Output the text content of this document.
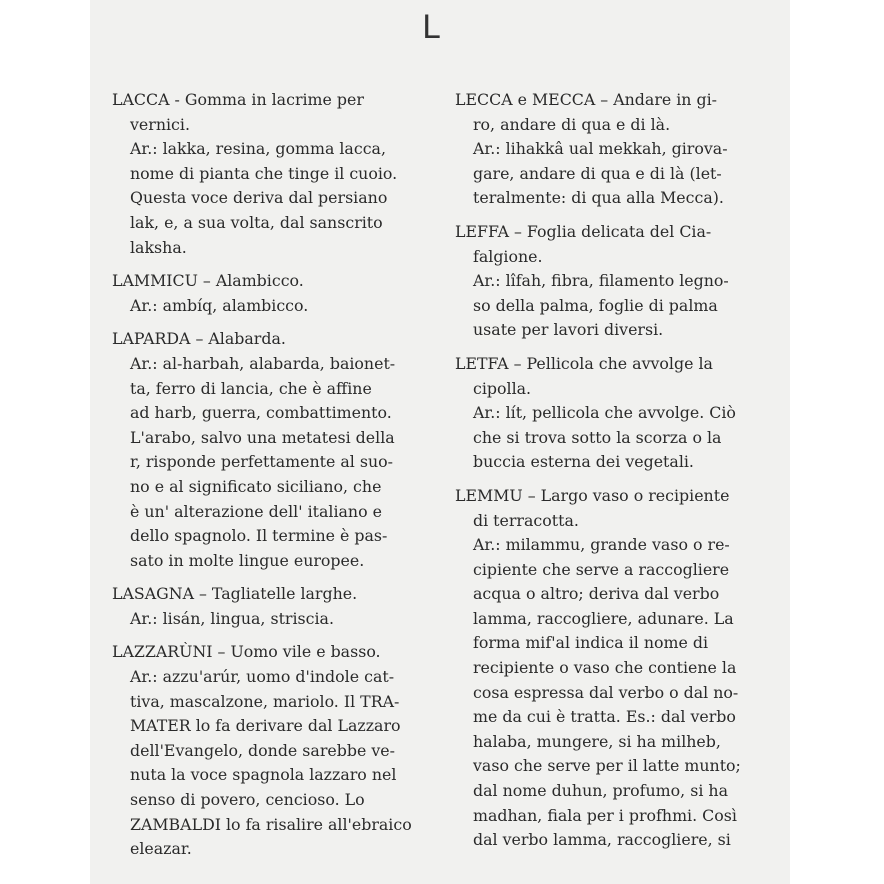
L
LACCA - Gomma in lacrime per
vernici.
Ar.: lakka, resina, gomma lacca,
nome di pianta che tinge il cuoio.
Questa voce deriva dal persiano
lak, e, a sua volta, dal sanscrito
laksha.
LAMMICU – Alambicco.
Ar.: ambíq, alambicco.
LAPARDA – Alabarda.
Ar.: al-harbah, alabarda, baionet-
ta, ferro di lancia, che è affine
ad harb, guerra, combattimento.
L'arabo, salvo una metatesi della
r, risponde perfettamente al suo-
no e al significato siciliano, che
è un' alterazione dell' italiano e
dello spagnolo. Il termine è pas-
sato in molte lingue europee.
LASAGNA – Tagliatelle larghe.
Ar.: lisán, lingua, striscia.
LAZZARÙNI – Uomo vile e basso.
Ar.: azzu'arúr, uomo d'indole cat-
tiva, mascalzone, mariolo. Il TRA-
MATER lo fa derivare dal Lazzaro
dell'Evangelo, donde sarebbe ve-
nuta la voce spagnola lazzaro nel
senso di povero, cencioso. Lo
ZAMBALDI lo fa risalire all'ebraico
eleazar.
LECCA e MECCA – Andare in gi-
ro, andare di qua e di là.
Ar.: lihakkâ ual mekkah, girova-
gare, andare di qua e di là (let-
teralmente: di qua alla Mecca).
LEFFA – Foglia delicata del Cia-
falgione.
Ar.: lîfah, fibra, filamento legno-
so della palma, foglie di palma
usate per lavori diversi.
LETFA – Pellicola che avvolge la
cipolla.
Ar.: lít, pellicola che avvolge. Ciò
che si trova sotto la scorza o la
buccia esterna dei vegetali.
LEMMU – Largo vaso o recipiente
di terracotta.
Ar.: milammu, grande vaso o re-
cipiente che serve a raccogliere
acqua o altro; deriva dal verbo
lamma, raccogliere, adunare. La
forma mif'al indica il nome di
recipiente o vaso che contiene la
cosa espressa dal verbo o dal no-
me da cui è tratta. Es.: dal verbo
halaba, mungere, si ha milheb,
vaso che serve per il latte munto;
dal nome duhun, profumo, si ha
madhan, fiala per i profhmi. Così
dal verbo lamma, raccogliere, si
